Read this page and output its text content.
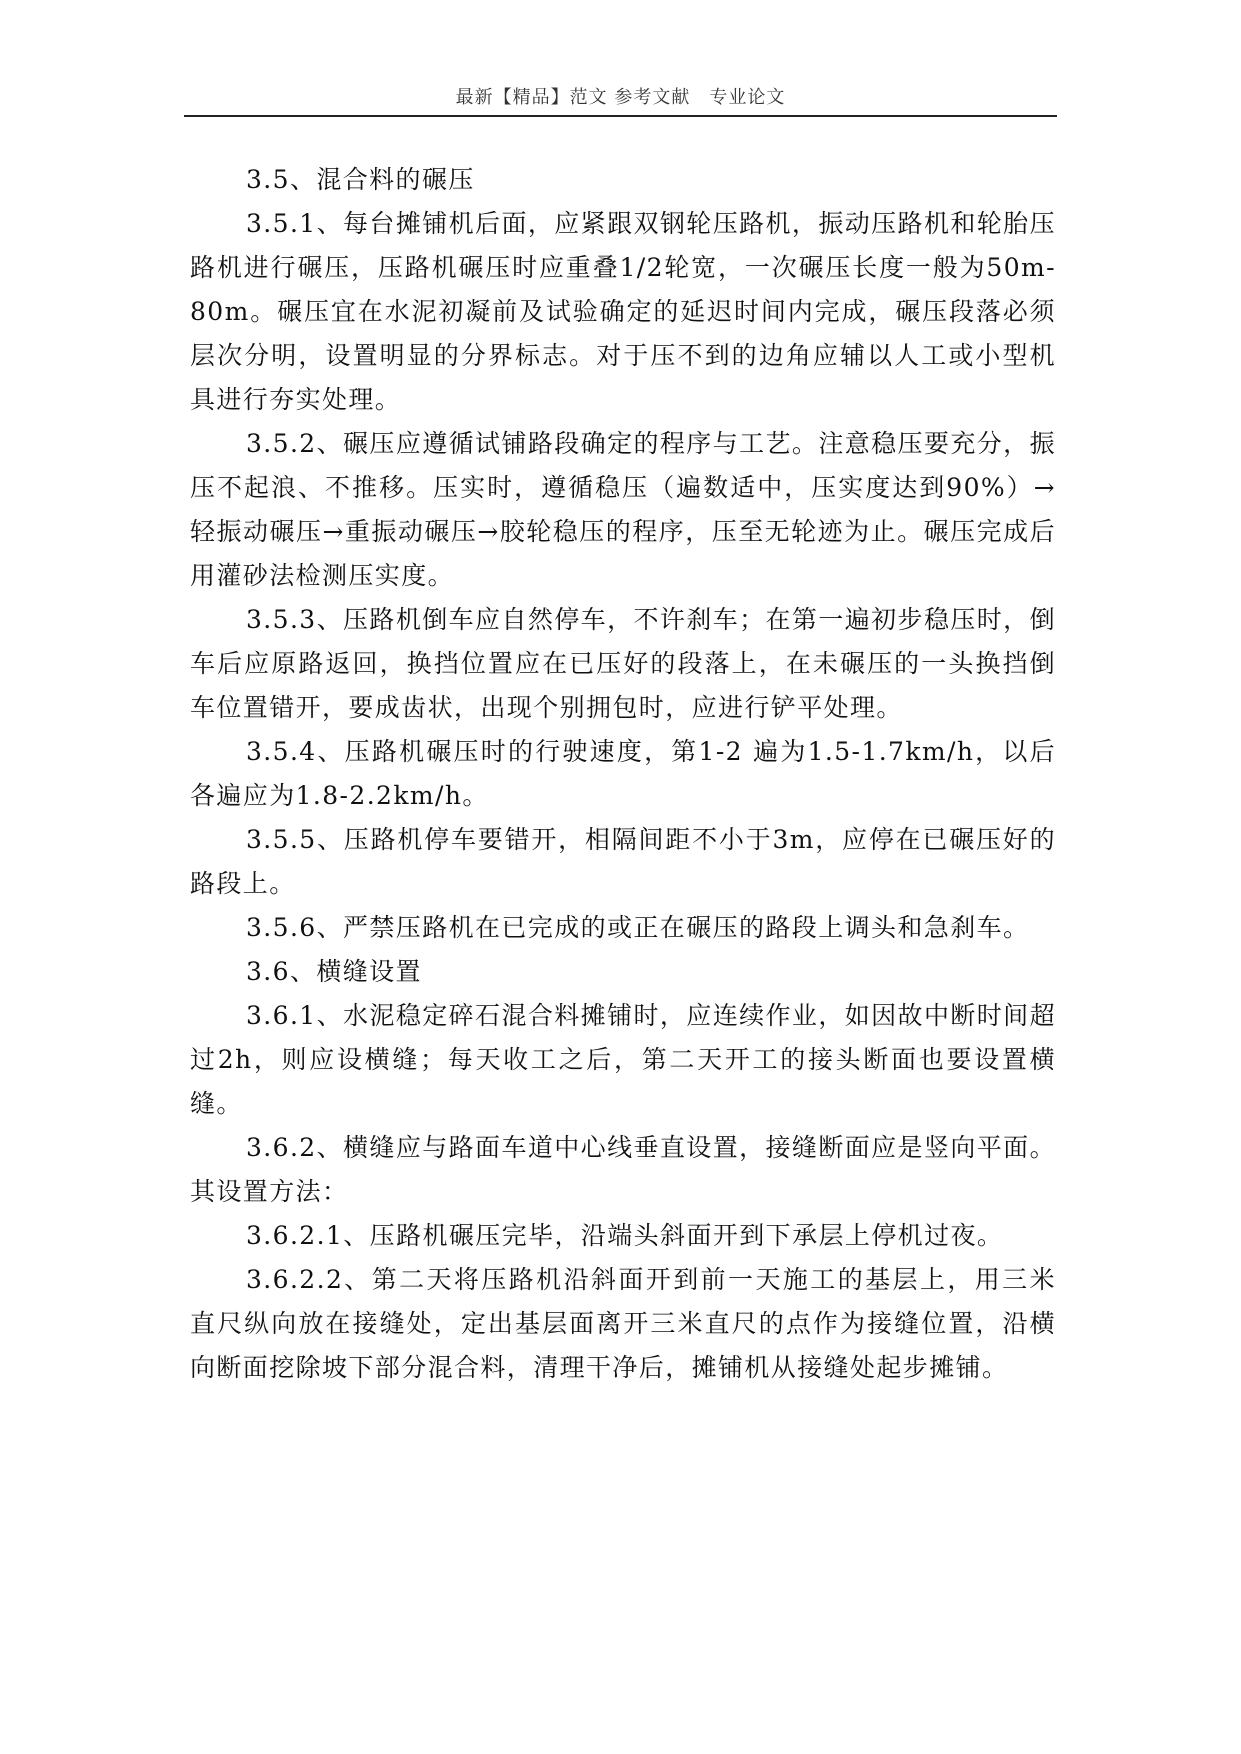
最新【精品】范文 参考文献　专业论文

3.5、混合料的碾压

3.5.1、每台摊铺机后面，应紧跟双钢轮压路机，振动压路机和轮胎压路机进行碾压，压路机碾压时应重叠1/2轮宽，一次碾压长度一般为50m-80m。碾压宜在水泥初凝前及试验确定的延迟时间内完成，碾压段落必须层次分明，设置明显的分界标志。对于压不到的边角应辅以人工或小型机具进行夯实处理。

3.5.2、碾压应遵循试铺路段确定的程序与工艺。注意稳压要充分，振压不起浪、不推移。压实时，遵循稳压（遍数适中，压实度达到90%）→轻振动碾压→重振动碾压→胶轮稳压的程序，压至无轮迹为止。碾压完成后用灌砂法检测压实度。

3.5.3、压路机倒车应自然停车，不许刹车；在第一遍初步稳压时，倒车后应原路返回，换挡位置应在已压好的段落上，在未碾压的一头换挡倒车位置错开，要成齿状，出现个别拥包时，应进行铲平处理。

3.5.4、压路机碾压时的行驶速度，第1-2 遍为1.5-1.7km/h，以后各遍应为1.8-2.2km/h。

3.5.5、压路机停车要错开，相隔间距不小于3m，应停在已碾压好的路段上。

3.5.6、严禁压路机在已完成的或正在碾压的路段上调头和急刹车。

3.6、横缝设置

3.6.1、水泥稳定碎石混合料摊铺时，应连续作业，如因故中断时间超过2h，则应设横缝；每天收工之后，第二天开工的接头断面也要设置横缝。

3.6.2、横缝应与路面车道中心线垂直设置，接缝断面应是竖向平面。其设置方法：

3.6.2.1、压路机碾压完毕，沿端头斜面开到下承层上停机过夜。

3.6.2.2、第二天将压路机沿斜面开到前一天施工的基层上，用三米直尺纵向放在接缝处，定出基层面离开三米直尺的点作为接缝位置，沿横向断面挖除坡下部分混合料，清理干净后，摊铺机从接缝处起步摊铺。
